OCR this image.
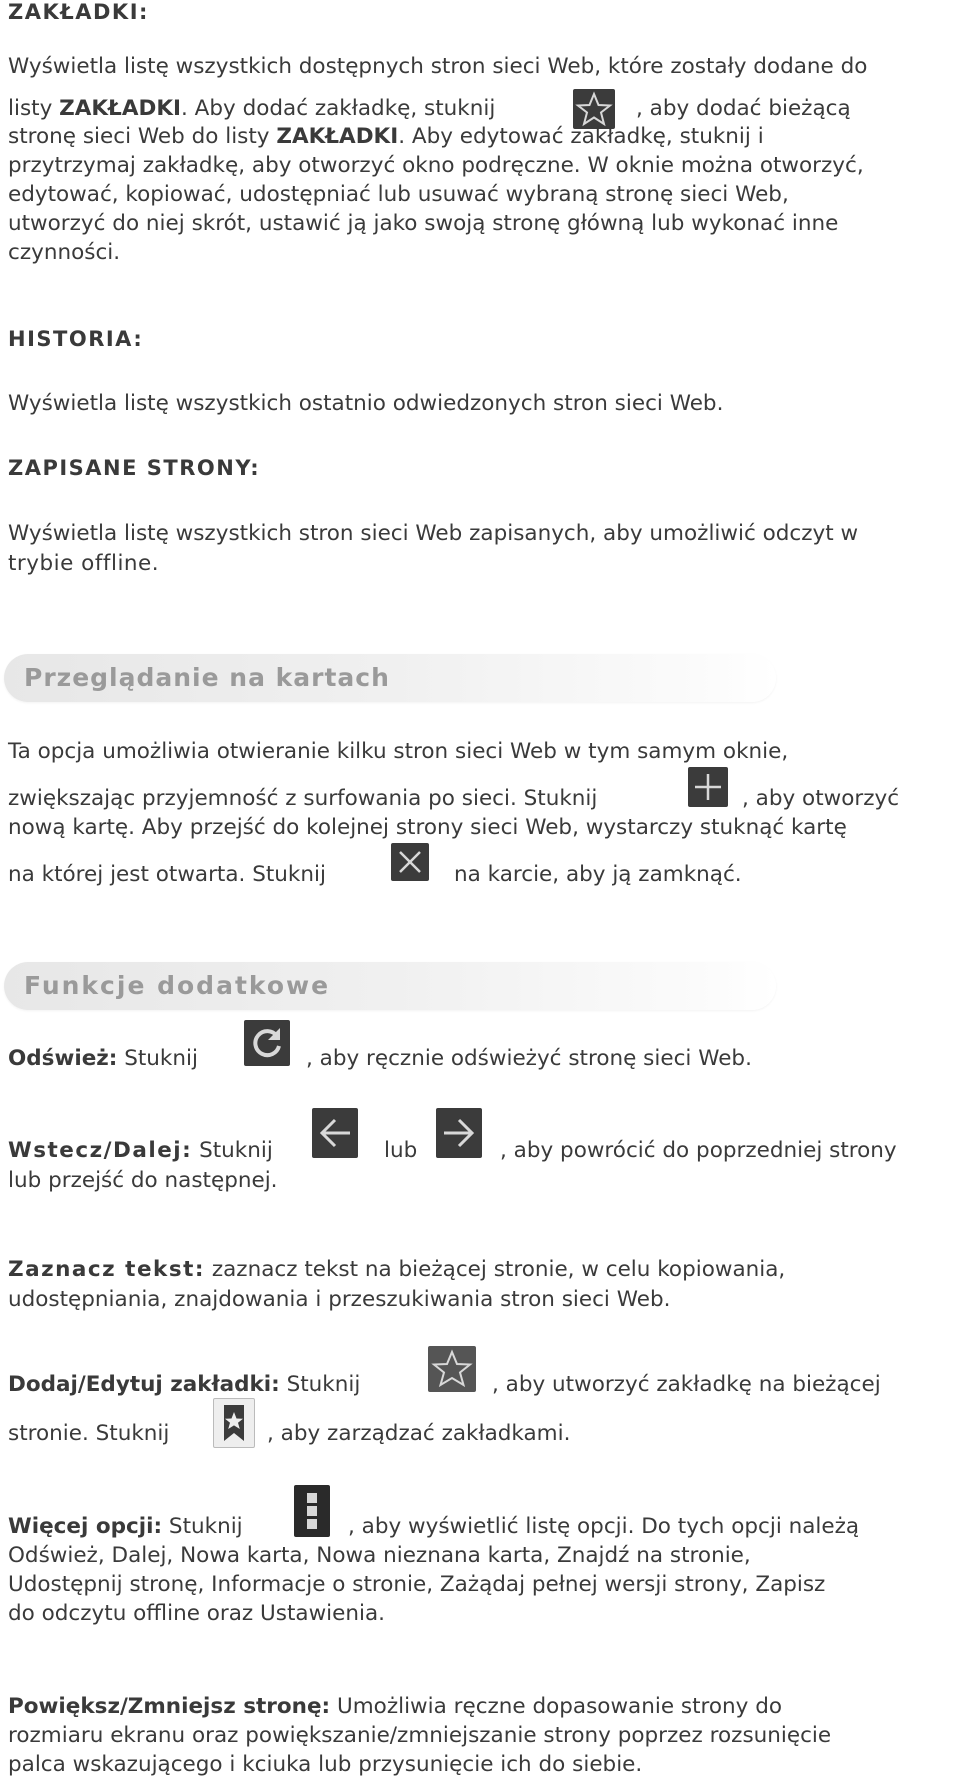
ZAKŁADKI:
Wyświetla listę wszystkich dostępnych stron sieci Web, które zostały dodane do
listy ZAKŁADKI. Aby dodać zakładkę, stuknij	, aby dodać bieżącą
stronę sieci Web do listy ZAKŁADKI. Aby edytować zakładkę, stuknij i
przytrzymaj zakładkę, aby otworzyć okno podręczne. W oknie można otworzyć,
edytować, kopiować, udostępniać lub usuwać wybraną stronę sieci Web,
utworzyć do niej skrót, ustawić ją jako swoją stronę główną lub wykonać inne
czynności.
HISTORIA:
Wyświetla listę wszystkich ostatnio odwiedzonych stron sieci Web.
ZAPISANE STRONY:
Wyświetla listę wszystkich stron sieci Web zapisanych, aby umożliwić odczyt w
trybie offline.
Przeglądanie na kartach
Ta opcja umożliwia otwieranie kilku stron sieci Web w tym samym oknie,
zwiększając przyjemność z surfowania po sieci. Stuknij	, aby otworzyć
nową kartę. Aby przejść do kolejnej strony sieci Web, wystarczy stuknąć kartę
na której jest otwarta. Stuknij	na karcie, aby ją zamknąć.
Funkcje dodatkowe
Odśwież: Stuknij	, aby ręcznie odświeżyć stronę sieci Web.
Wstecz/Dalej: Stuknij	lub	, aby powrócić do poprzedniej strony
lub przejść do następnej.
Zaznacz tekst: zaznacz tekst na bieżącej stronie, w celu kopiowania,
udostępniania, znajdowania i przeszukiwania stron sieci Web.
Dodaj/Edytuj zakładki: Stuknij	, aby utworzyć zakładkę na bieżącej
stronie. Stuknij	, aby zarządzać zakładkami.
Więcej opcji: Stuknij	, aby wyświetlić listę opcji. Do tych opcji należą
Odśwież, Dalej, Nowa karta, Nowa nieznana karta, Znajdź na stronie,
Udostępnij stronę, Informacje o stronie, Zażądaj pełnej wersji strony, Zapisz
do odczytu offline oraz Ustawienia.
Powiększ/Zmniejsz stronę: Umożliwia ręczne dopasowanie strony do
rozmiaru ekranu oraz powiększanie/zmniejszanie strony poprzez rozsunięcie
palca wskazującego i kciuka lub przysunięcie ich do siebie.
